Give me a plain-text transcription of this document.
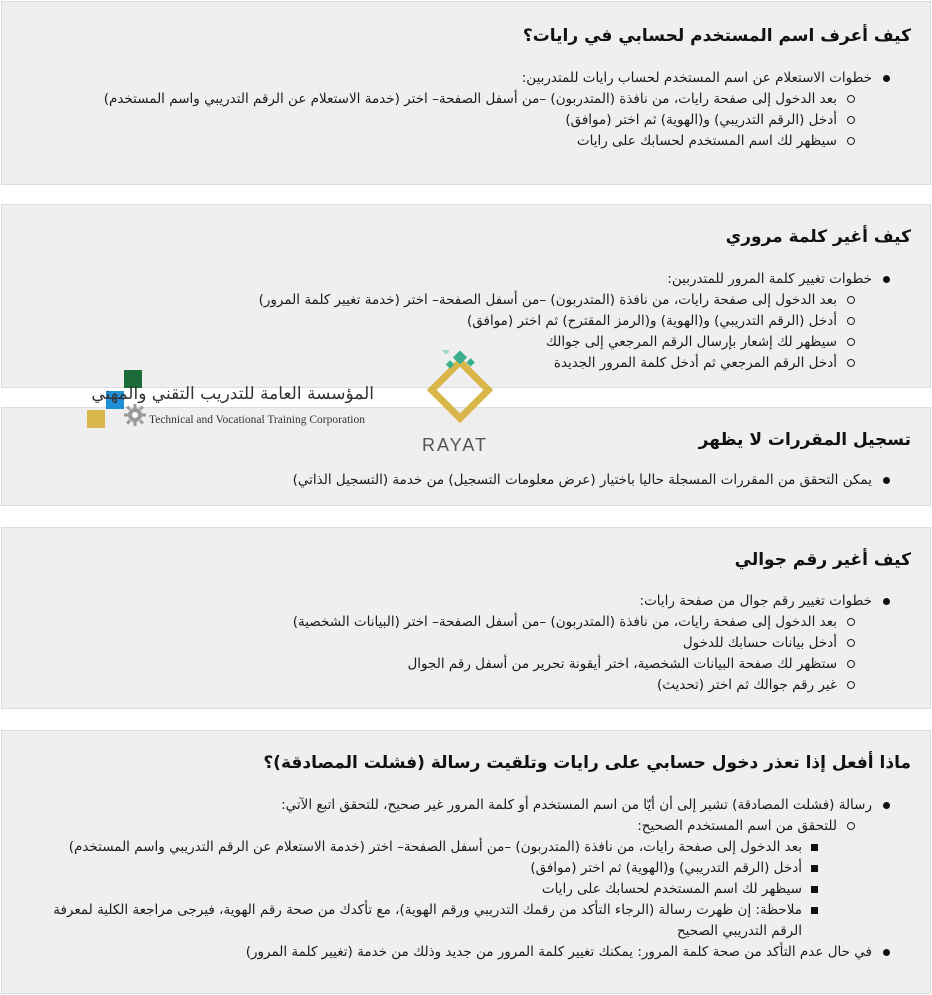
كيف أعرف اسم المستخدم لحسابي في رايات؟
خطوات الاستعلام عن اسم المستخدم لحساب رايات للمتدربين:
بعد الدخول إلى صفحة رايات، من نافذة (المتدربون) –من أسفل الصفحة– اختر (خدمة الاستعلام عن الرقم التدريبي واسم المستخدم)
أدخل (الرقم التدريبي) و(الهوية) ثم اختر (موافق)
سيظهر لك اسم المستخدم لحسابك على رايات
كيف أغير كلمة مروري
خطوات تغيير كلمة المرور للمتدربين:
بعد الدخول إلى صفحة رايات، من نافذة (المتدربون) –من أسفل الصفحة– اختر (خدمة تغيير كلمة المرور)
أدخل (الرقم التدريبي) و(الهوية) و(الرمز المقترح) ثم اختر (موافق)
سيظهر لك إشعار بإرسال الرقم المرجعي إلى جوالك
أدخل الرقم المرجعي ثم أدخل كلمة المرور الجديدة
تسجيل المقررات لا يظهر
يمكن التحقق من المقررات المسجلة حاليا باختيار (عرض معلومات التسجيل) من خدمة (التسجيل الذاتي)
كيف أغير رقم جوالي
خطوات تغيير رقم جوال من صفحة رايات:
بعد الدخول إلى صفحة رايات، من نافذة (المتدربون) –من أسفل الصفحة– اختر (البيانات الشخصية)
أدخل بيانات حسابك للدخول
ستظهر لك صفحة البيانات الشخصية، اختر أيقونة تحرير من أسفل رقم الجوال
غير رقم جوالك ثم اختر (تحديث)
ماذا أفعل إذا تعذر دخول حسابي على رايات وتلقيت رسالة (فشلت المصادقة)؟
رسالة (فشلت المصادقة) تشير إلى أن أيّا من اسم المستخدم أو كلمة المرور غير صحيح، للتحقق اتبع الآتي:
للتحقق من اسم المستخدم الصحيح:
بعد الدخول إلى صفحة رايات، من نافذة (المتدربون) –من أسفل الصفحة– اختر (خدمة الاستعلام عن الرقم التدريبي واسم المستخدم)
أدخل (الرقم التدريبي) و(الهوية) ثم اختر (موافق)
سيظهر لك اسم المستخدم لحسابك على رايات
ملاحظة: إن ظهرت رسالة (الرجاء التأكد من رقمك التدريبي ورقم الهوية)، مع تأكدك من صحة رقم الهوية، فيرجى مراجعة الكلية لمعرفة الرقم التدريبي الصحيح
في حال عدم التأكد من صحة كلمة المرور: يمكنك تغيير كلمة المرور من جديد وذلك من خدمة (تغيير كلمة المرور)
المؤسسة العامة للتدريب التقني والمهني
Technical and Vocational Training Corporation
RAYAT
